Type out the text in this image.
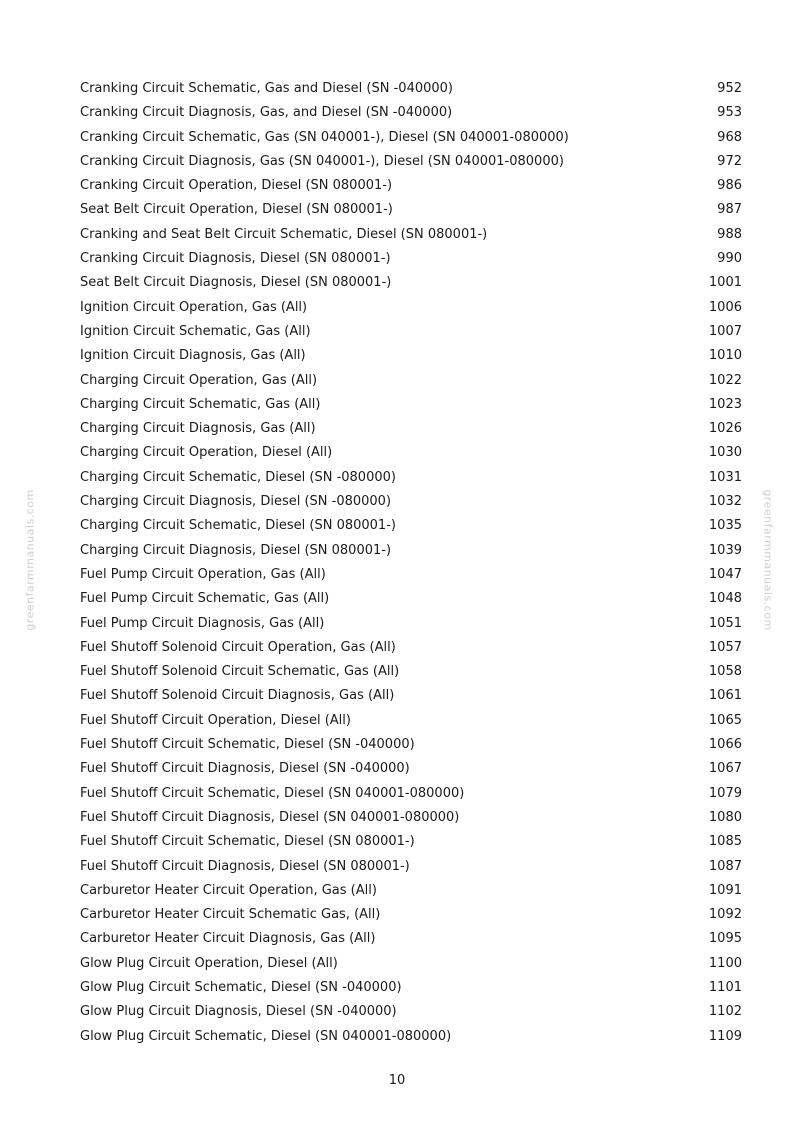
Cranking Circuit Schematic, Gas and Diesel (SN -040000)	952
Cranking Circuit Diagnosis, Gas, and Diesel (SN -040000)	953
Cranking Circuit Schematic, Gas (SN 040001-), Diesel (SN 040001-080000)	968
Cranking Circuit Diagnosis, Gas (SN 040001-), Diesel (SN 040001-080000)	972
Cranking Circuit Operation, Diesel (SN 080001-)	986
Seat Belt Circuit Operation, Diesel (SN 080001-)	987
Cranking and Seat Belt Circuit Schematic, Diesel (SN 080001-)	988
Cranking Circuit Diagnosis, Diesel (SN 080001-)	990
Seat Belt Circuit Diagnosis, Diesel (SN 080001-)	1001
Ignition Circuit Operation, Gas (All)	1006
Ignition Circuit Schematic, Gas (All)	1007
Ignition Circuit Diagnosis, Gas (All)	1010
Charging Circuit Operation, Gas (All)	1022
Charging Circuit Schematic, Gas (All)	1023
Charging Circuit Diagnosis, Gas (All)	1026
Charging Circuit Operation, Diesel (All)	1030
Charging Circuit Schematic, Diesel (SN -080000)	1031
Charging Circuit Diagnosis, Diesel (SN -080000)	1032
Charging Circuit Schematic, Diesel (SN 080001-)	1035
Charging Circuit Diagnosis, Diesel (SN 080001-)	1039
Fuel Pump Circuit Operation, Gas (All)	1047
Fuel Pump Circuit Schematic, Gas (All)	1048
Fuel Pump Circuit Diagnosis, Gas (All)	1051
Fuel Shutoff Solenoid Circuit Operation, Gas (All)	1057
Fuel Shutoff Solenoid Circuit Schematic, Gas (All)	1058
Fuel Shutoff Solenoid Circuit Diagnosis, Gas (All)	1061
Fuel Shutoff Circuit Operation, Diesel (All)	1065
Fuel Shutoff Circuit Schematic, Diesel (SN -040000)	1066
Fuel Shutoff Circuit Diagnosis, Diesel (SN -040000)	1067
Fuel Shutoff Circuit Schematic, Diesel (SN 040001-080000)	1079
Fuel Shutoff Circuit Diagnosis, Diesel (SN 040001-080000)	1080
Fuel Shutoff Circuit Schematic, Diesel (SN 080001-)	1085
Fuel Shutoff Circuit Diagnosis, Diesel (SN 080001-)	1087
Carburetor Heater Circuit Operation, Gas (All)	1091
Carburetor Heater Circuit Schematic Gas, (All)	1092
Carburetor Heater Circuit Diagnosis, Gas (All)	1095
Glow Plug Circuit Operation, Diesel (All)	1100
Glow Plug Circuit Schematic, Diesel (SN -040000)	1101
Glow Plug Circuit Diagnosis, Diesel (SN -040000)	1102
Glow Plug Circuit Schematic, Diesel (SN 040001-080000)	1109
10
greenfarmmanuals.com	greenfarmmanuals.com
